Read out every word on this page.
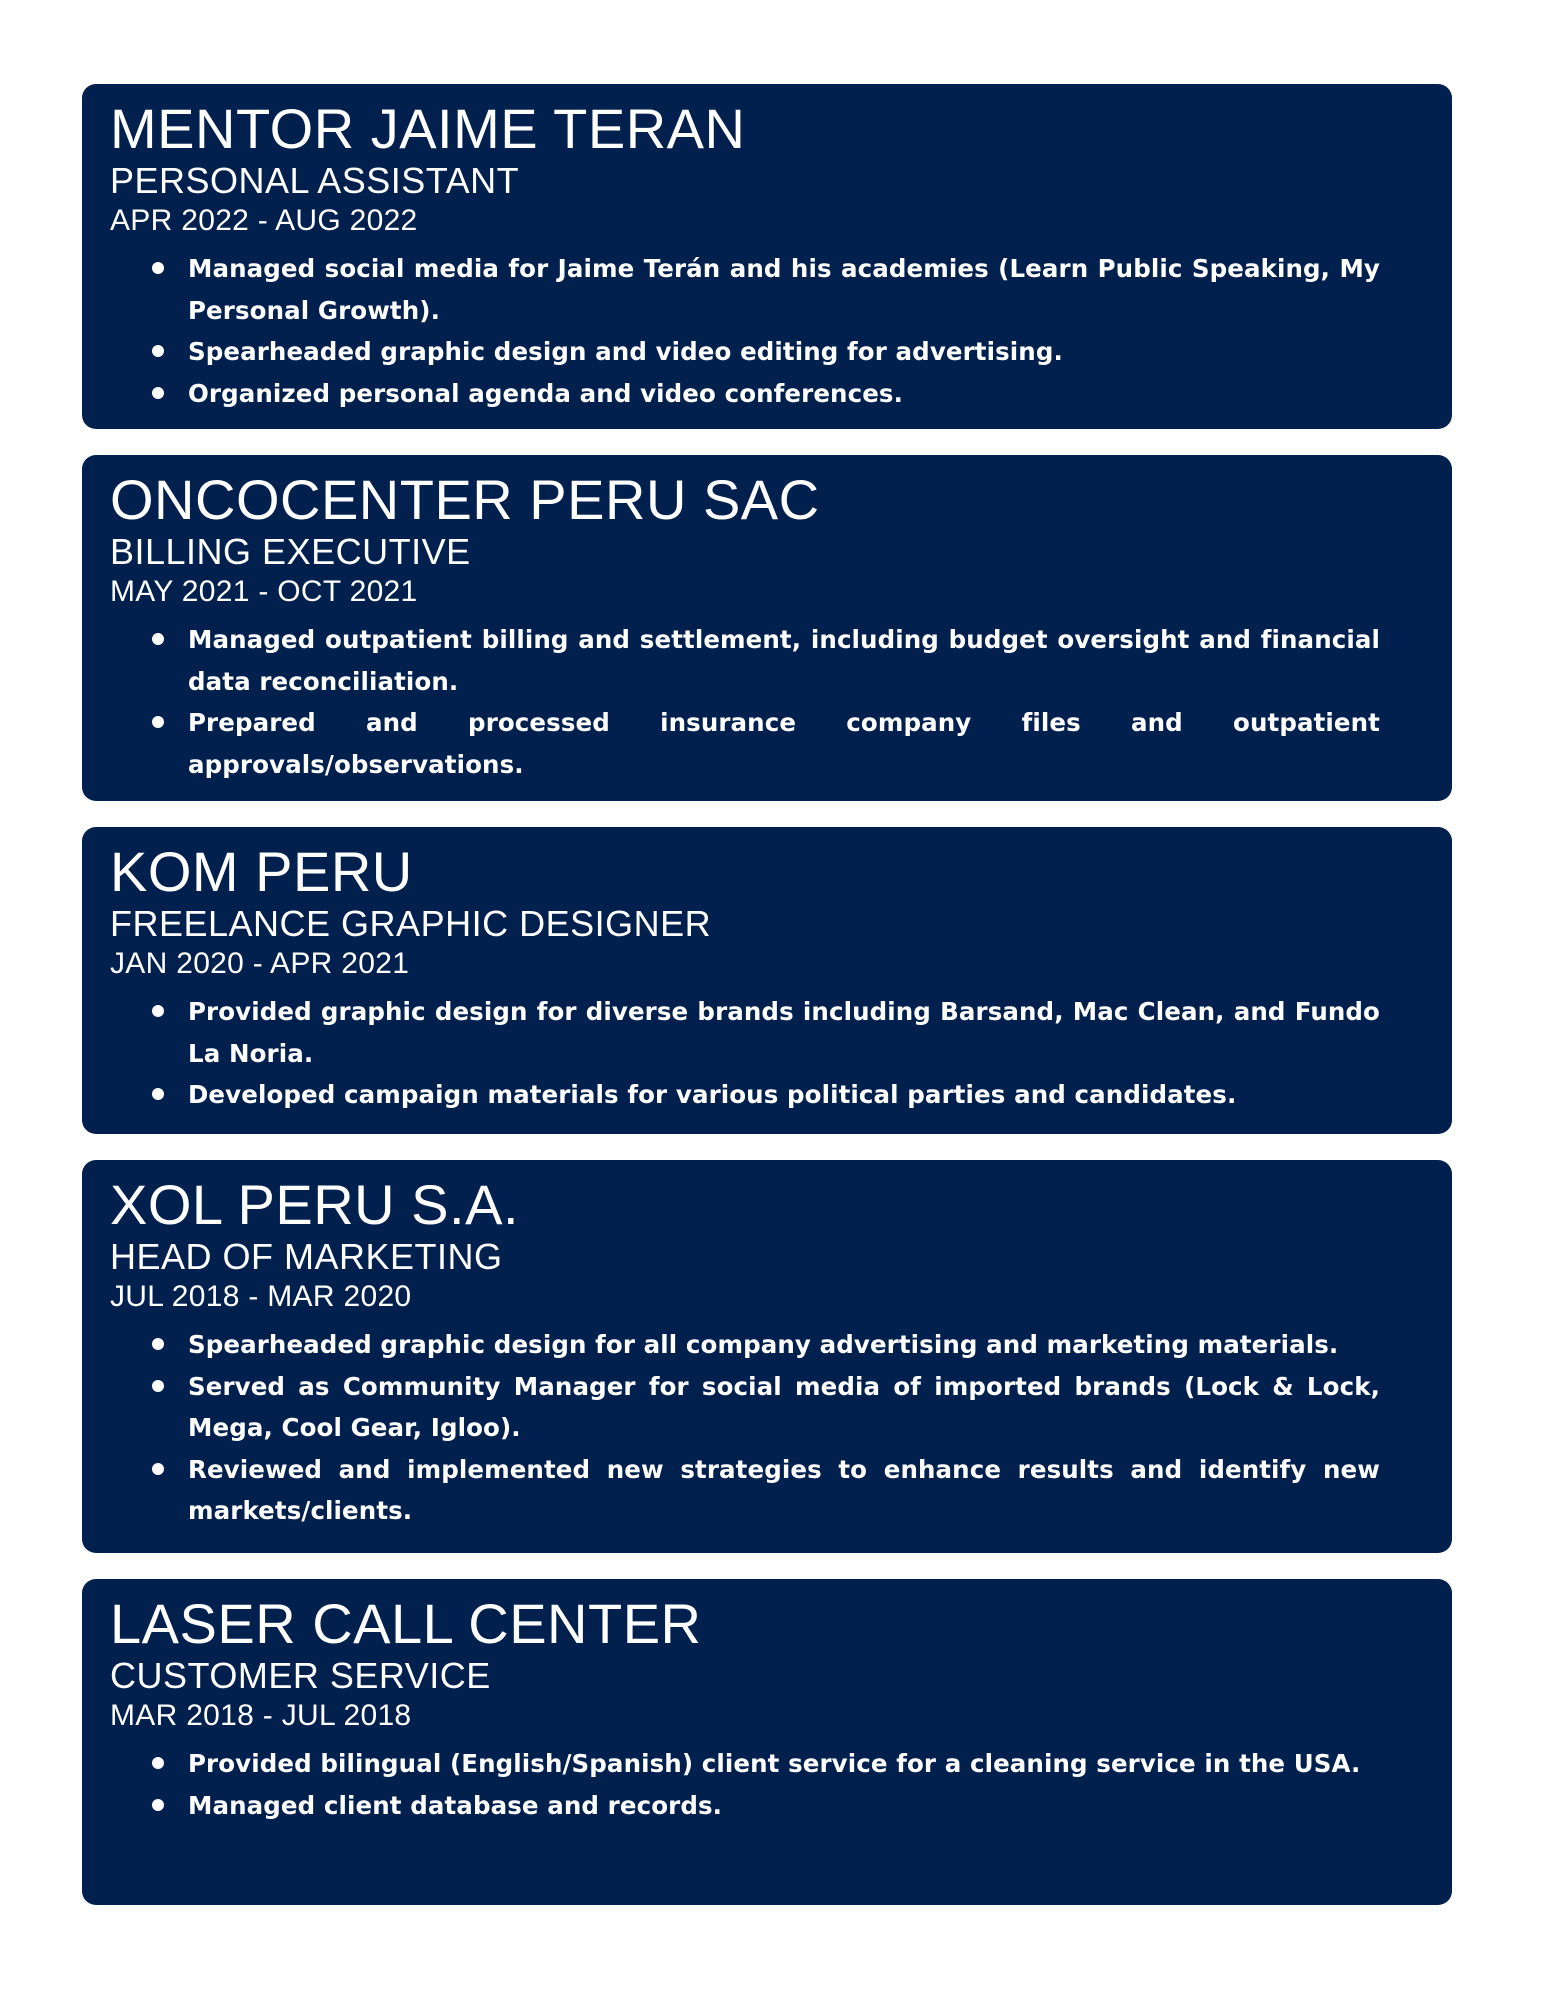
MENTOR JAIME TERAN
PERSONAL ASSISTANT
APR 2022 - AUG 2022
Managed social media for Jaime Terán and his academies (Learn Public Speaking, My Personal Growth).
Spearheaded graphic design and video editing for advertising.
Organized personal agenda and video conferences.
ONCOCENTER PERU SAC
BILLING EXECUTIVE
MAY 2021 - OCT 2021
Managed outpatient billing and settlement, including budget oversight and financial data reconciliation.
Prepared and processed insurance company files and outpatient approvals/observations.
KOM PERU
FREELANCE GRAPHIC DESIGNER
JAN 2020 - APR 2021
Provided graphic design for diverse brands including Barsand, Mac Clean, and Fundo La Noria.
Developed campaign materials for various political parties and candidates.
XOL PERU S.A.
HEAD OF MARKETING
JUL 2018 - MAR 2020
Spearheaded graphic design for all company advertising and marketing materials.
Served as Community Manager for social media of imported brands (Lock & Lock, Mega, Cool Gear, Igloo).
Reviewed and implemented new strategies to enhance results and identify new markets/clients.
LASER CALL CENTER
CUSTOMER SERVICE
MAR 2018 - JUL 2018
Provided bilingual (English/Spanish) client service for a cleaning service in the USA.
Managed client database and records.
